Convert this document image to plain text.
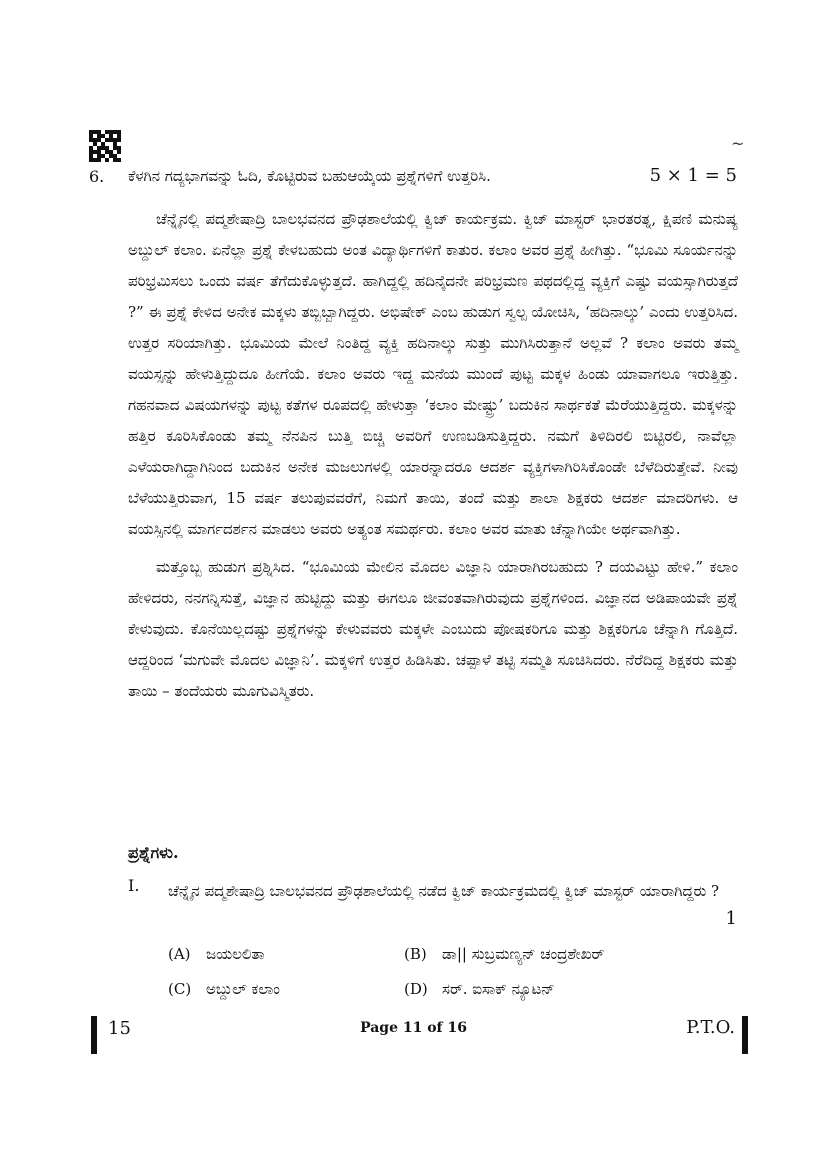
~
6. ಕೆಳಗಿನ ಗದ್ಯಭಾಗವನ್ನು ಓದಿ, ಕೊಟ್ಟಿರುವ ಬಹುಆಯ್ಕೆಯ ಪ್ರಶ್ನೆಗಳಿಗೆ ಉತ್ತರಿಸಿ.	5 × 1 = 5

ಚೆನ್ನೈನಲ್ಲಿ ಪದ್ಮಶೇಷಾದ್ರಿ ಬಾಲಭವನದ ಪ್ರೌಢಶಾಲೆಯಲ್ಲಿ ಕ್ವಿಜ್ ಕಾರ್ಯಕ್ರಮ. ಕ್ವಿಜ್ ಮಾಸ್ಟರ್ ಭಾರತರತ್ನ, ಕ್ಷಿಪಣಿ ಮನುಷ್ಯ ಅಬ್ದುಲ್ ಕಲಾಂ. ಏನೆಲ್ಲಾ ಪ್ರಶ್ನೆ ಕೇಳಬಹುದು ಅಂತ ವಿದ್ಯಾರ್ಥಿಗಳಿಗೆ ಕಾತುರ. ಕಲಾಂ ಅವರ ಪ್ರಶ್ನೆ ಹೀಗಿತ್ತು. “ಭೂಮಿ ಸೂರ್ಯನನ್ನು ಪರಿಭ್ರಮಿಸಲು ಒಂದು ವರ್ಷ ತೆಗೆದುಕೊಳ್ಳುತ್ತದೆ. ಹಾಗಿದ್ದಲ್ಲಿ ಹದಿನೈದನೇ ಪರಿಭ್ರಮಣ ಪಥದಲ್ಲಿದ್ದ ವ್ಯಕ್ತಿಗೆ ಎಷ್ಟು ವಯಸ್ಸಾಗಿರುತ್ತದೆ ?” ಈ ಪ್ರಶ್ನೆ ಕೇಳಿದ ಅನೇಕ ಮಕ್ಕಳು ತಬ್ಬಿಬ್ಬಾಗಿದ್ದರು. ಅಭಿಷೇಕ್ ಎಂಬ ಹುಡುಗ ಸ್ವಲ್ಪ ಯೋಚಿಸಿ, ‘ಹದಿನಾಲ್ಕು’ ಎಂದು ಉತ್ತರಿಸಿದ. ಉತ್ತರ ಸರಿಯಾಗಿತ್ತು. ಭೂಮಿಯ ಮೇಲೆ ನಿಂತಿದ್ದ ವ್ಯಕ್ತಿ ಹದಿನಾಲ್ಕು ಸುತ್ತು ಮುಗಿಸಿರುತ್ತಾನೆ ಅಲ್ಲವೆ ? ಕಲಾಂ ಅವರು ತಮ್ಮ ವಯಸ್ಸನ್ನು ಹೇಳುತ್ತಿದ್ದುದೂ ಹೀಗೆಯೆ. ಕಲಾಂ ಅವರು ಇದ್ದ ಮನೆಯ ಮುಂದೆ ಪುಟ್ಟ ಮಕ್ಕಳ ಹಿಂಡು ಯಾವಾಗಲೂ ಇರುತ್ತಿತ್ತು. ಗಹನವಾದ ವಿಷಯಗಳನ್ನು ಪುಟ್ಟ ಕತೆಗಳ ರೂಪದಲ್ಲಿ ಹೇಳುತ್ತಾ ‘ಕಲಾಂ ಮೇಷ್ಟ್ರು’ ಬದುಕಿನ ಸಾರ್ಥಕತೆ ಮೆರೆಯುತ್ತಿದ್ದರು. ಮಕ್ಕಳನ್ನು ಹತ್ತಿರ ಕೂರಿಸಿಕೊಂಡು ತಮ್ಮ ನೆನಪಿನ ಬುತ್ತಿ ಬಿಚ್ಚಿ ಅವರಿಗೆ ಉಣಬಡಿಸುತ್ತಿದ್ದರು. ನಮಗೆ ತಿಳಿದಿರಲಿ ಬಿಟ್ಟಿರಲಿ, ನಾವೆಲ್ಲಾ ಎಳೆಯರಾಗಿದ್ದಾಗಿನಿಂದ ಬದುಕಿನ ಅನೇಕ ಮಜಲುಗಳಲ್ಲಿ ಯಾರನ್ನಾದರೂ ಆದರ್ಶ ವ್ಯಕ್ತಿಗಳಾಗಿರಿಸಿಕೊಂಡೇ ಬೆಳೆದಿರುತ್ತೇವೆ. ನೀವು ಬೆಳೆಯುತ್ತಿರುವಾಗ, 15 ವರ್ಷ ತಲುಪುವವರೆಗೆ, ನಿಮಗೆ ತಾಯಿ, ತಂದೆ ಮತ್ತು ಶಾಲಾ ಶಿಕ್ಷಕರು ಆದರ್ಶ ಮಾದರಿಗಳು. ಆ ವಯಸ್ಸಿನಲ್ಲಿ ಮಾರ್ಗದರ್ಶನ ಮಾಡಲು ಅವರು ಅತ್ಯಂತ ಸಮರ್ಥರು. ಕಲಾಂ ಅವರ ಮಾತು ಚೆನ್ನಾಗಿಯೇ ಅರ್ಥವಾಗಿತ್ತು.

ಮತ್ತೊಬ್ಬ ಹುಡುಗ ಪ್ರಶ್ನಿಸಿದ. “ಭೂಮಿಯ ಮೇಲಿನ ಮೊದಲ ವಿಜ್ಞಾನಿ ಯಾರಾಗಿರಬಹುದು ? ದಯವಿಟ್ಟು ಹೇಳಿ.” ಕಲಾಂ ಹೇಳಿದರು, ನನಗನ್ನಿಸುತ್ತೆ, ವಿಜ್ಞಾನ ಹುಟ್ಟಿದ್ದು ಮತ್ತು ಈಗಲೂ ಜೀವಂತವಾಗಿರುವುದು ಪ್ರಶ್ನೆಗಳಿಂದ. ವಿಜ್ಞಾನದ ಅಡಿಪಾಯವೇ ಪ್ರಶ್ನೆ ಕೇಳುವುದು. ಕೊನೆಯಿಲ್ಲದಷ್ಟು ಪ್ರಶ್ನೆಗಳನ್ನು ಕೇಳುವವರು ಮಕ್ಕಳೇ ಎಂಬುದು ಪೋಷಕರಿಗೂ ಮತ್ತು ಶಿಕ್ಷಕರಿಗೂ ಚೆನ್ನಾಗಿ ಗೊತ್ತಿದೆ. ಆದ್ದರಿಂದ ‘ಮಗುವೇ ಮೊದಲ ವಿಜ್ಞಾನಿ’. ಮಕ್ಕಳಿಗೆ ಉತ್ತರ ಹಿಡಿಸಿತು. ಚಪ್ಪಾಳೆ ತಟ್ಟಿ ಸಮ್ಮತಿ ಸೂಚಿಸಿದರು. ನೆರೆದಿದ್ದ ಶಿಕ್ಷಕರು ಮತ್ತು ತಾಯಿ – ತಂದೆಯರು ಮೂಗುವಿಸ್ಮಿತರು.

ಪ್ರಶ್ನೆಗಳು.
I. ಚೆನ್ನೈನ ಪದ್ಮಶೇಷಾದ್ರಿ ಬಾಲಭವನದ ಪ್ರೌಢಶಾಲೆಯಲ್ಲಿ ನಡೆದ ಕ್ವಿಜ್ ಕಾರ್ಯಕ್ರಮದಲ್ಲಿ ಕ್ವಿಜ್ ಮಾಸ್ಟರ್ ಯಾರಾಗಿದ್ದರು ?
1
(A) ಜಯಲಲಿತಾ	(B) ಡಾ|| ಸುಬ್ರಮಣ್ಯನ್ ಚಂದ್ರಶೇಖರ್
(C) ಅಬ್ದುಲ್ ಕಲಾಂ	(D) ಸರ್. ಐಸಾಕ್ ನ್ಯೂಟನ್
15	Page 11 of 16	P.T.O.
